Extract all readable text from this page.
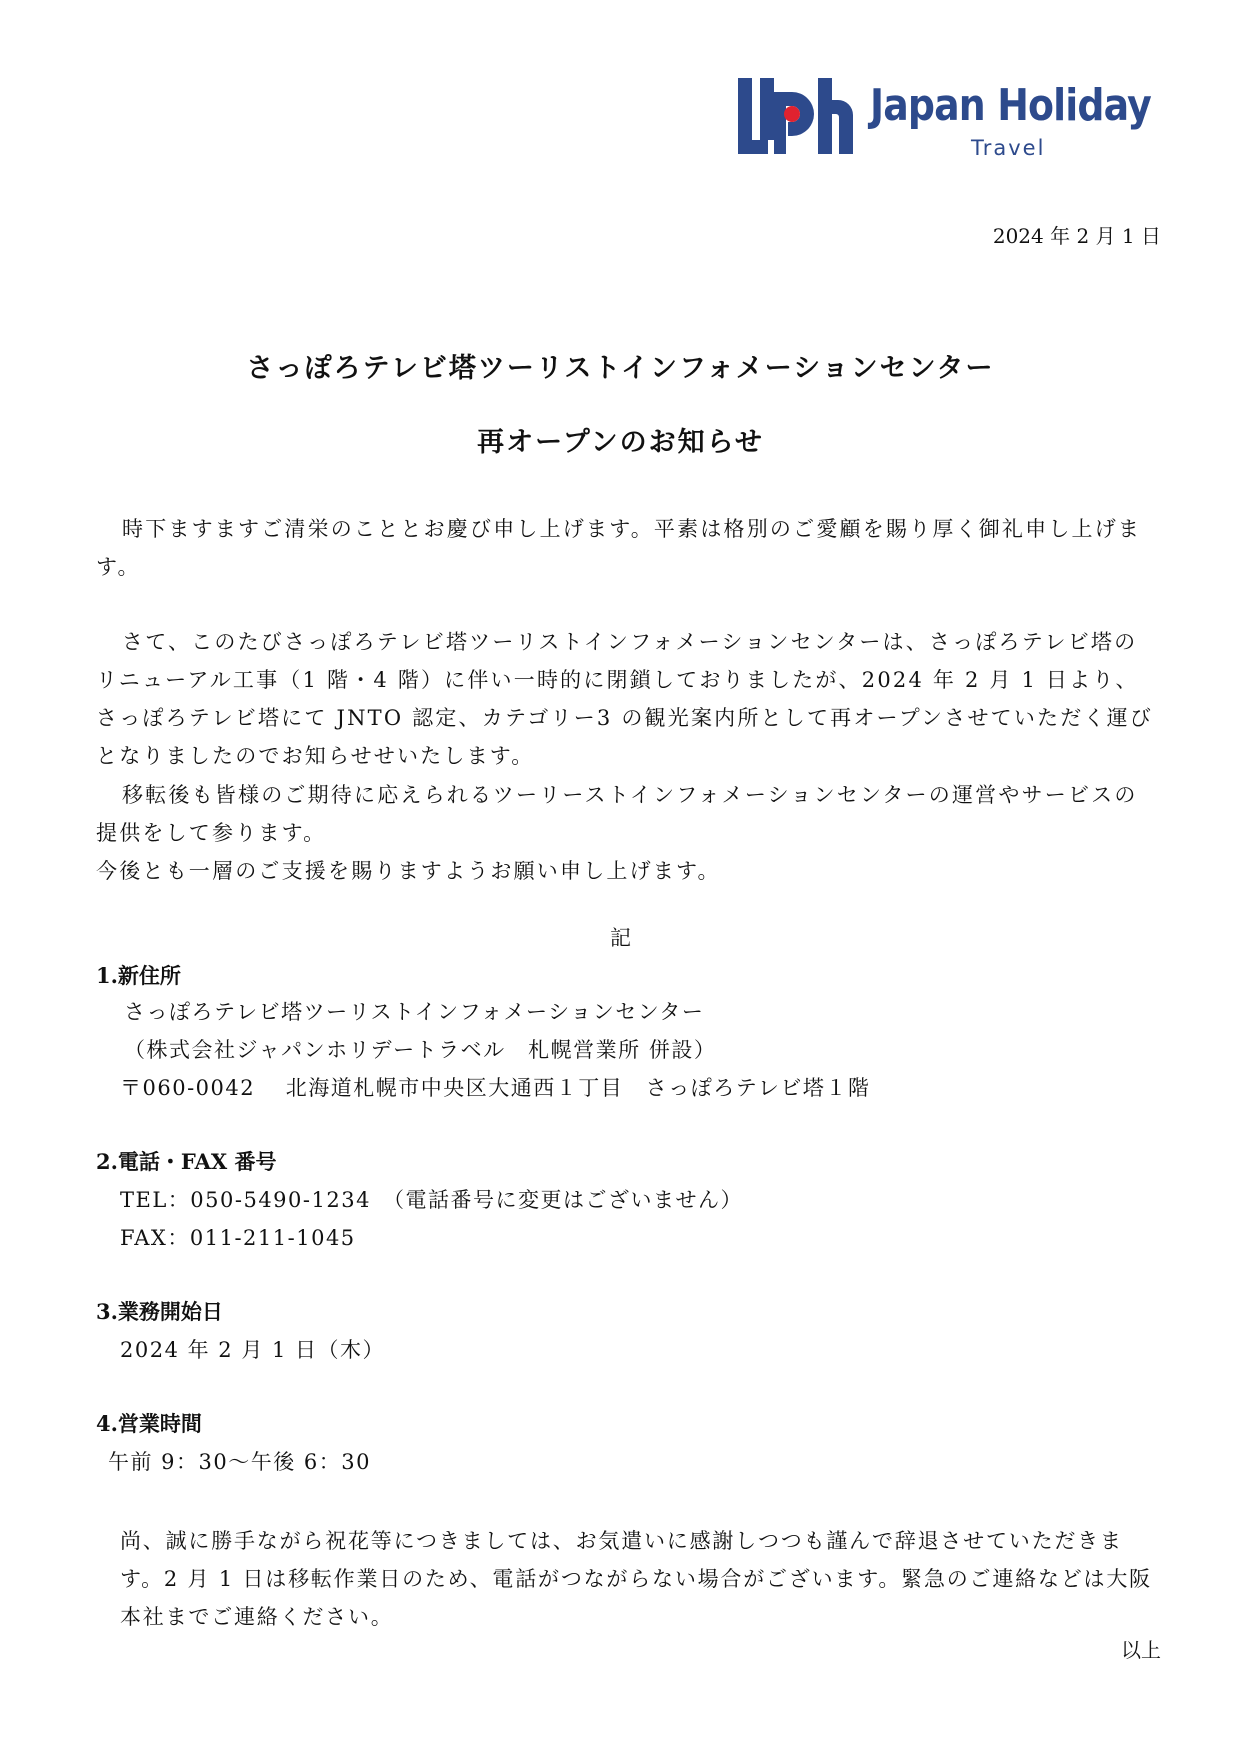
Japan Holiday
Travel
2024 年 2 月 1 日
さっぽろテレビ塔ツーリストインフォメーションセンター
再オープンのお知らせ

時下ますますご清栄のこととお慶び申し上げます。平素は格別のご愛顧を賜り厚く御礼申し上げます。

さて、このたびさっぽろテレビ塔ツーリストインフォメーションセンターは、さっぽろテレビ塔のリニューアル工事（1 階・4 階）に伴い一時的に閉鎖しておりましたが、2024 年 2 月 1 日より、さっぽろテレビ塔にて JNTO 認定、カテゴリー3 の観光案内所として再オープンさせていただく運びとなりましたのでお知らせせいたします。

移転後も皆様のご期待に応えられるツーリーストインフォメーションセンターの運営やサービスの提供をして参ります。

今後とも一層のご支援を賜りますようお願い申し上げます。

記
1.新住所
さっぽろテレビ塔ツーリストインフォメーションセンター
（株式会社ジャパンホリデートラベル　札幌営業所 併設）
〒060-0042　 北海道札幌市中央区大通西１丁目　さっぽろテレビ塔１階
2.電話・FAX 番号
TEL：050-5490-1234　（電話番号に変更はございません）
FAX：011-211-1045
3.業務開始日
2024 年 2 月 1 日（木）
4.営業時間
午前 9：30～午後 6：30

尚、誠に勝手ながら祝花等につきましては、お気遣いに感謝しつつも謹んで辞退させていただきます。2 月 1 日は移転作業日のため、電話がつながらない場合がございます。緊急のご連絡などは大阪本社までご連絡ください。

以上
